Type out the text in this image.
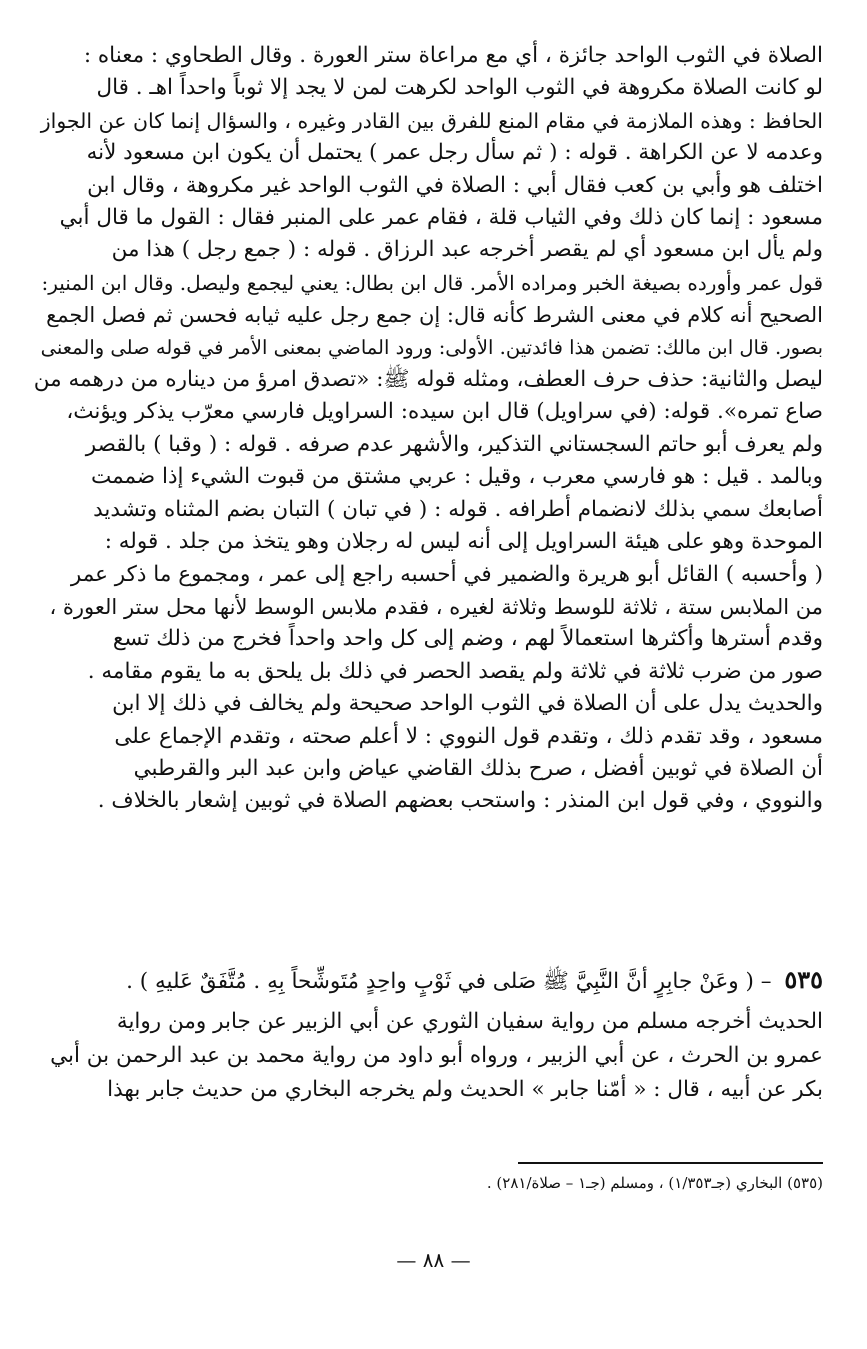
الصلاة في الثوب الواحد جائزة ، أي مع مراعاة ستر العورة . وقال الطحاوي : معناه :
لو كانت الصلاة مكروهة في الثوب الواحد لكرهت لمن لا يجد إلا ثوباً واحداً اهـ . قال
الحافظ : وهذه الملازمة في مقام المنع للفرق بين القادر وغيره ، والسؤال إنما كان عن الجواز
وعدمه لا عن الكراهة . قوله : ( ثم سأل رجل عمر ) يحتمل أن يكون ابن مسعود لأنه
اختلف هو وأبي بن كعب فقال أبي : الصلاة في الثوب الواحد غير مكروهة ، وقال ابن
مسعود : إنما كان ذلك وفي الثياب قلة ، فقام عمر على المنبر فقال : القول ما قال أبي
ولم يأل ابن مسعود أي لم يقصر أخرجه عبد الرزاق . قوله : ( جمع رجل ) هذا من
قول عمر وأورده بصيغة الخبر ومراده الأمر. قال ابن بطال: يعني ليجمع وليصل. وقال ابن المنير:
الصحيح أنه كلام في معنى الشرط كأنه قال: إن جمع رجل عليه ثيابه فحسن ثم فصل الجمع
بصور. قال ابن مالك: تضمن هذا فائدتين. الأولى: ورود الماضي بمعنى الأمر في قوله صلى والمعنى
ليصل والثانية: حذف حرف العطف، ومثله قوله ﷺ: «تصدق امرؤ من ديناره من درهمه من
صاع تمره». قوله: (في سراويل) قال ابن سيده: السراويل فارسي معرّب يذكر ويؤنث،
ولم يعرف أبو حاتم السجستاني التذكير، والأشهر عدم صرفه . قوله : ( وقبا ) بالقصر
وبالمد . قيل : هو فارسي معرب ، وقيل : عربي مشتق من قبوت الشيء إذا ضممت
أصابعك سمي بذلك لانضمام أطرافه . قوله : ( في تبان ) التبان بضم المثناه وتشديد
الموحدة وهو على هيئة السراويل إلى أنه ليس له رجلان وهو يتخذ من جلد . قوله :
( وأحسبه ) القائل أبو هريرة والضمير في أحسبه راجع إلى عمر ، ومجموع ما ذكر عمر
من الملابس ستة ، ثلاثة للوسط وثلاثة لغيره ، فقدم ملابس الوسط لأنها محل ستر العورة ،
وقدم أسترها وأكثرها استعمالاً لهم ، وضم إلى كل واحد واحداً فخرج من ذلك تسع
صور من ضرب ثلاثة في ثلاثة ولم يقصد الحصر في ذلك بل يلحق به ما يقوم مقامه .
والحديث يدل على أن الصلاة في الثوب الواحد صحيحة ولم يخالف في ذلك إلا ابن
مسعود ، وقد تقدم ذلك ، وتقدم قول النووي : لا أعلم صحته ، وتقدم الإجماع على
أن الصلاة في ثوبين أفضل ، صرح بذلك القاضي عياض وابن عبد البر والقرطبي
والنووي ، وفي قول ابن المنذر : واستحب بعضهم الصلاة في ثوبين إشعار بالخلاف .
٥٣٥ – ( وعَنْ جابِرٍ أنَّ النَّبِيَّ ﷺ صَلى في ثَوْبٍ واحِدٍ مُتَوشِّحاً بِهِ . مُتَّفَقٌ عَليهِ ) .
الحديث أخرجه مسلم من رواية سفيان الثوري عن أبي الزبير عن جابر ومن رواية
عمرو بن الحرث ، عن أبي الزبير ، ورواه أبو داود من رواية محمد بن عبد الرحمن بن أبي
بكر عن أبيه ، قال : « أمّنا جابر » الحديث ولم يخرجه البخاري من حديث جابر بهذا
(٥٣٥) البخاري (جـ١/٣٥٣) ، ومسلم (جـ١ – صلاة/٢٨١) .
— ٨٨ —
